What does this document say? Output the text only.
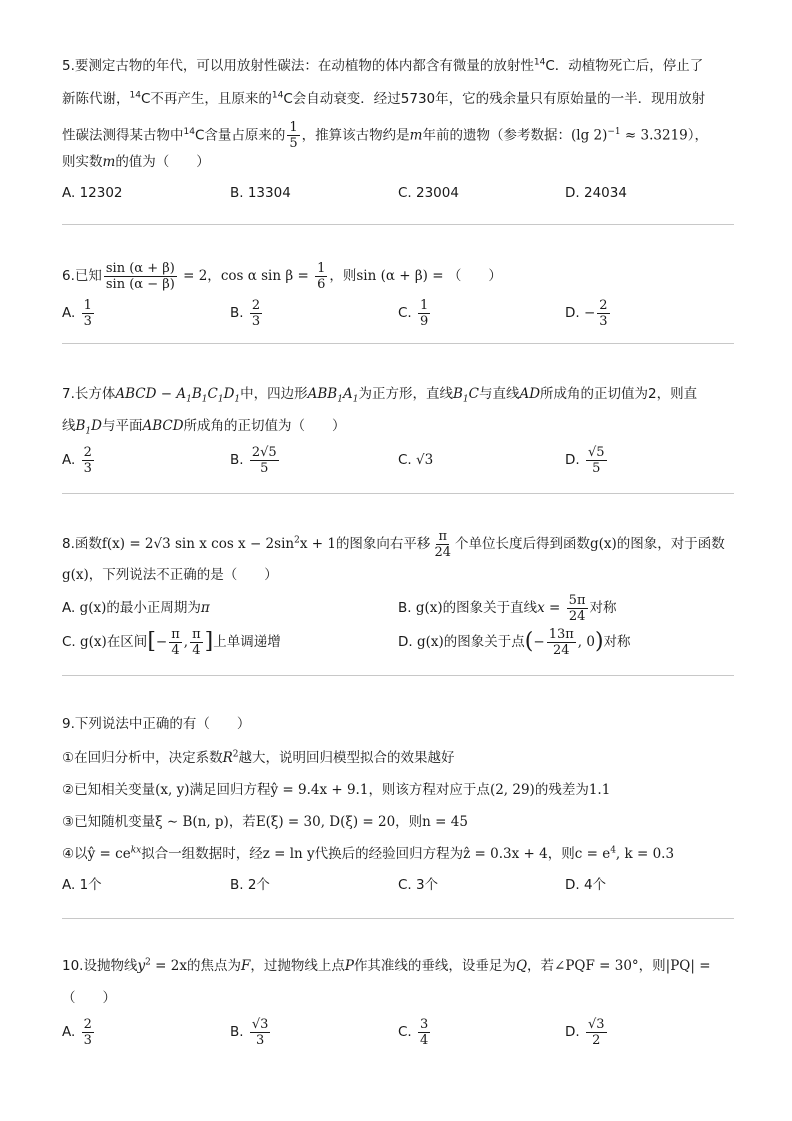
5.要测定古物的年代，可以用放射性碳法：在动植物的体内都含有微量的放射性$^{14}$C．动植物死亡后，停止了
新陈代谢，$^{14}$C不再产生，且原来的$^{14}$C会自动衰变．经过5730年，它的残余量只有原始量的一半．现用放射
性碳法测得某古物中$^{14}$C含量占原来的 $\frac{1}{5}$ ，推算该古物约是m年前的遗物（参考数据：(lg 2)$^{-1}$ ≈ 3.3219），
则实数m的值为（　　）
A. 12302	B. 13304	C. 23004	D. 24034
6.已知 $\frac{\sin (\alpha + \beta)}{\sin (\alpha - \beta)} = 2$，cos α $\sin \beta = \frac{1}{6}$ ，则sin (α + β) = （　　）
A. $\frac{1}{3}$	B. $\frac{2}{3}$	C. $\frac{1}{9}$	D. − $\frac{2}{3}$
7.长方体ABCD − $A_1B_1C_1D_1$中，四边形$ABB_1A_1$为正方形，直线$B_1C$与直线AD所成角的正切值为2，则直
线$B_1D$与平面ABCD所成角的正切值为（　　）
A. $\frac{2}{3}$	B. $\frac{2√5}{5}$	C. √3	D. $\frac{√5}{5}$
8.函数f(x) = 2√3 sin x $\cos x - 2\sin^2x + 1$的图象向右平移 $\frac{\pi}{24}$ 个单位长度后得到函数g(x)的图象，对于函数
g(x)，下列说法不正确的是（　　）
A. g(x)的最小正周期为π	B. g(x)的图象关于直线$x = \frac{5\pi}{24}$ 对称
C. g(x)在区间[− $\frac{\pi}{4}$ , $\frac{\pi}{4}$ ]上单调递增	D. g(x)的图象关于点(− $\frac{13\pi}{24}$ , 0)对称
9.下列说法中正确的有（　　）
①在回归分析中，决定系数$R^2$越大，说明回归模型拟合的效果越好
②已知相关变量(x, y)满足回归方程ŷ = 9.4x + 9.1，则该方程对应于点(2, 29)的残差为1.1
③已知随机变量ξ ∼ B(n, p)，若E(ξ) = 30, D(ξ) = 20，则n = 45
④以ŷ = $ce^{kx}$拟合一组数据时，经z = ln y代换后的经验回归方程为ẑ = 0.3x + 4，则$c = e^4$, k = 0.3
A. 1个	B. 2个	C. 3个	D. 4个
10.设抛物线$y^2 = 2x$的焦点为F，过抛物线上点P作其准线的垂线，设垂足为Q，若∠PQF = 30°，则|PQ| =
（　　）
A. $\frac{2}{3}$	B. $\frac{√3}{3}$	C. $\frac{3}{4}$	D. $\frac{√3}{2}$
